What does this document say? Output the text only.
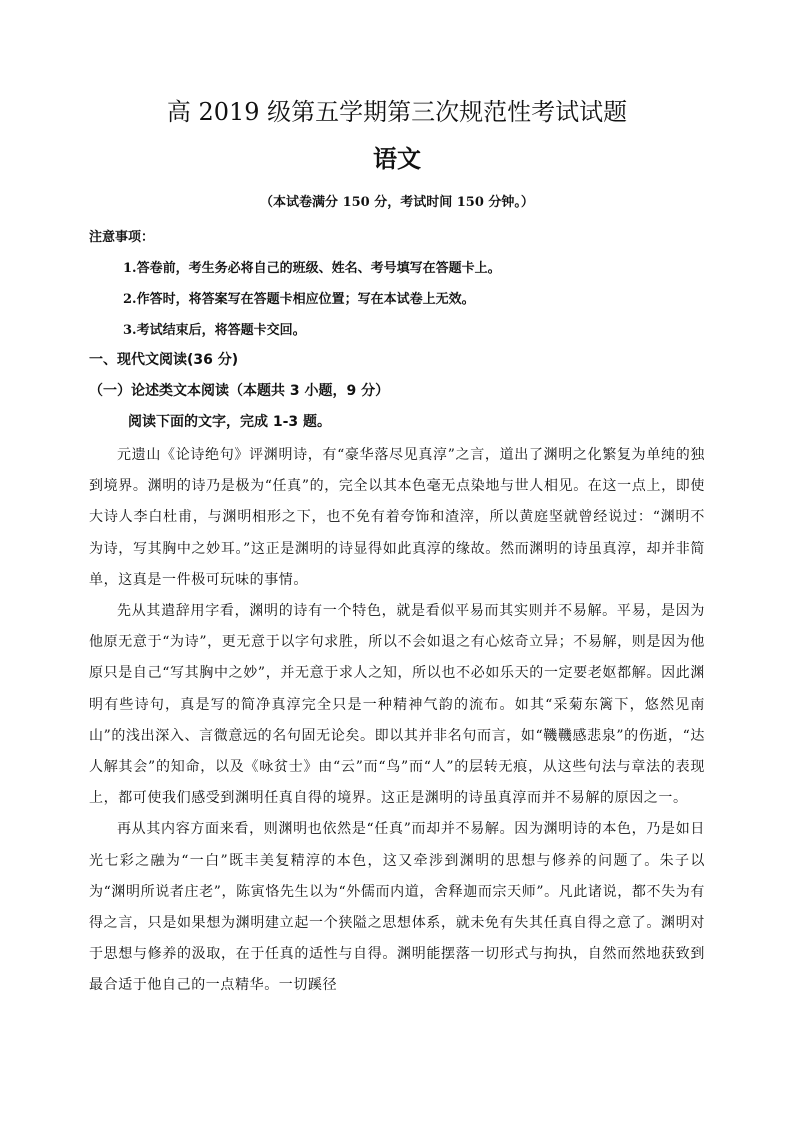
高 2019 级第五学期第三次规范性考试试题
语文
（本试卷满分 150 分，考试时间 150 分钟。）
注意事项：
1.答卷前，考生务必将自己的班级、姓名、考号填写在答题卡上。
2.作答时，将答案写在答题卡相应位置；写在本试卷上无效。
3.考试结束后，将答题卡交回。
一、现代文阅读(36 分)
（一）论述类文本阅读（本题共 3 小题，9 分）
阅读下面的文字，完成 1-3 题。

元遗山《论诗绝句》评渊明诗，有“豪华落尽见真淳”之言，道出了渊明之化繁复为单纯的独到境界。渊明的诗乃是极为“任真”的，完全以其本色毫无点染地与世人相见。在这一点上，即使大诗人李白杜甫，与渊明相形之下，也不免有着夸饰和渣滓，所以黄庭坚就曾经说过：“渊明不为诗，写其胸中之妙耳。”这正是渊明的诗显得如此真淳的缘故。然而渊明的诗虽真淳，却并非简单，这真是一件极可玩味的事情。

先从其遣辞用字看，渊明的诗有一个特色，就是看似平易而其实则并不易解。平易，是因为他原无意于“为诗”，更无意于以字句求胜，所以不会如退之有心炫奇立异；不易解，则是因为他原只是自己“写其胸中之妙”，并无意于求人之知，所以也不必如乐天的一定要老妪都解。因此渊明有些诗句，真是写的简净真淳完全只是一种精神气韵的流布。如其“采菊东篱下，悠然见南山”的浅出深入、言微意远的名句固无论矣。即以其并非名句而言，如“鞿鞿感悲泉”的伤逝，“达人解其会”的知命，以及《咏贫士》由“云”而“鸟”而“人”的层转无痕，从这些句法与章法的表现上，都可使我们感受到渊明任真自得的境界。这正是渊明的诗虽真淳而并不易解的原因之一。

再从其内容方面来看，则渊明也依然是“任真”而却并不易解。因为渊明诗的本色，乃是如日光七彩之融为“一白”既丰美复精淳的本色，这又牵涉到渊明的思想与修养的问题了。朱子以为“渊明所说者庄老”，陈寅恪先生以为“外儒而内道，舍释迦而宗天师”。凡此诸说，都不失为有得之言，只是如果想为渊明建立起一个狭隘之思想体系，就未免有失其任真自得之意了。渊明对于思想与修养的汲取，在于任真的适性与自得。渊明能摆落一切形式与拘执，自然而然地获致到最合适于他自己的一点精华。一切蹊径
